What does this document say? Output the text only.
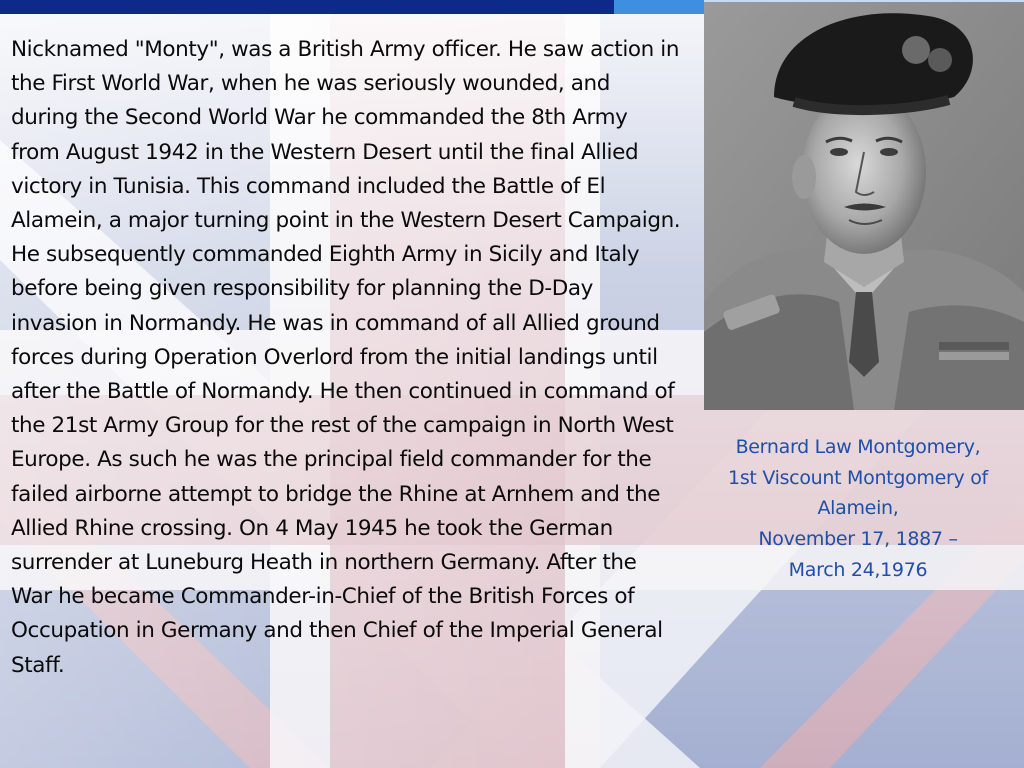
Nicknamed "Monty", was a British Army officer. He saw action in the First World War, when he was seriously wounded, and during the Second World War he commanded the 8th Army from August 1942 in the Western Desert until the final Allied victory in Tunisia. This command included the Battle of El Alamein, a major turning point in the Western Desert Campaign. He subsequently commanded Eighth Army in Sicily and Italy before being given responsibility for planning the D-Day invasion in Normandy. He was in command of all Allied ground forces during Operation Overlord from the initial landings until after the Battle of Normandy. He then continued in command of the 21st Army Group for the rest of the campaign in North West Europe. As such he was the principal field commander for the failed airborne attempt to bridge the Rhine at Arnhem and the Allied Rhine crossing. On 4 May 1945 he took the German surrender at Luneburg Heath in northern Germany. After the War he became Commander-in-Chief of the British Forces of Occupation in Germany and then Chief of the Imperial General Staff.

Bernard Law Montgomery,
1st Viscount Montgomery of
Alamein,
November 17, 1887 –
March 24,1976
